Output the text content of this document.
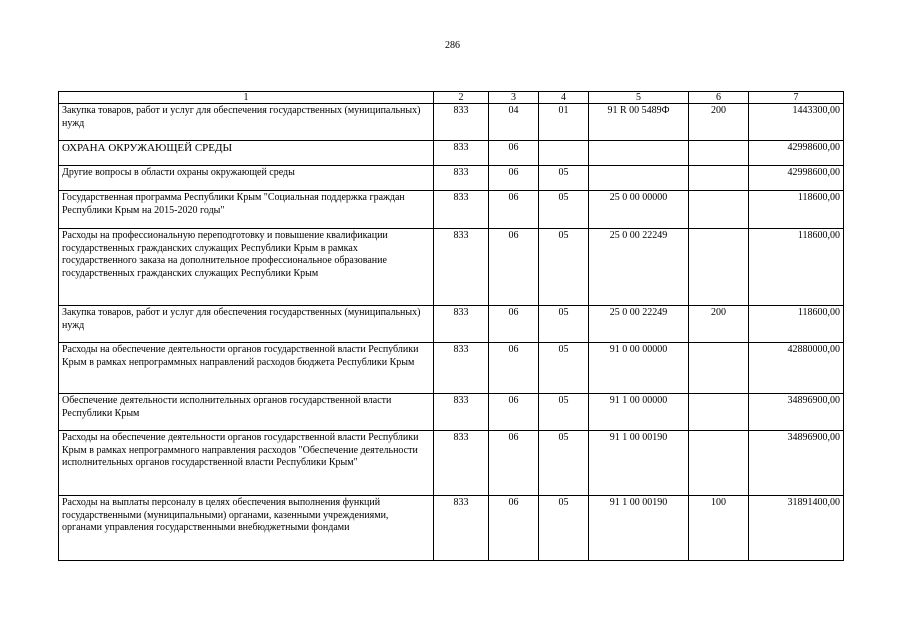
286
1	2	3	4	5	6	7
Закупка товаров, работ и услуг для обеспечения государственных (муниципальных) нужд	833	04	01	91 R 00 5489Ф	200	1443300,00
ОХРАНА ОКРУЖАЮЩЕЙ СРЕДЫ	833	06				42998600,00
Другие вопросы в области охраны окружающей среды	833	06	05			42998600,00
Государственная программа Республики Крым "Социальная поддержка граждан Республики Крым на 2015-2020 годы"	833	06	05	25 0 00 00000		118600,00
Расходы на профессиональную переподготовку и повышение квалификации государственных гражданских служащих Республики Крым в рамках государственного заказа на дополнительное профессиональное образование государственных гражданских служащих Республики Крым	833	06	05	25 0 00 22249		118600,00
Закупка товаров, работ и услуг для обеспечения государственных (муниципальных) нужд	833	06	05	25 0 00 22249	200	118600,00
Расходы на обеспечение деятельности органов государственной власти Республики Крым в рамках непрограммных направлений расходов бюджета Республики Крым	833	06	05	91 0 00 00000		42880000,00
Обеспечение деятельности исполнительных органов государственной власти Республики Крым	833	06	05	91 1 00 00000		34896900,00
Расходы на обеспечение деятельности органов государственной власти Республики Крым в рамках непрограммного направления расходов "Обеспечение деятельности исполнительных органов государственной власти Республики Крым"	833	06	05	91 1 00 00190		34896900,00
Расходы на выплаты персоналу в целях обеспечения выполнения функций государственными (муниципальными) органами, казенными учреждениями, органами управления государственными внебюджетными фондами	833	06	05	91 1 00 00190	100	31891400,00
